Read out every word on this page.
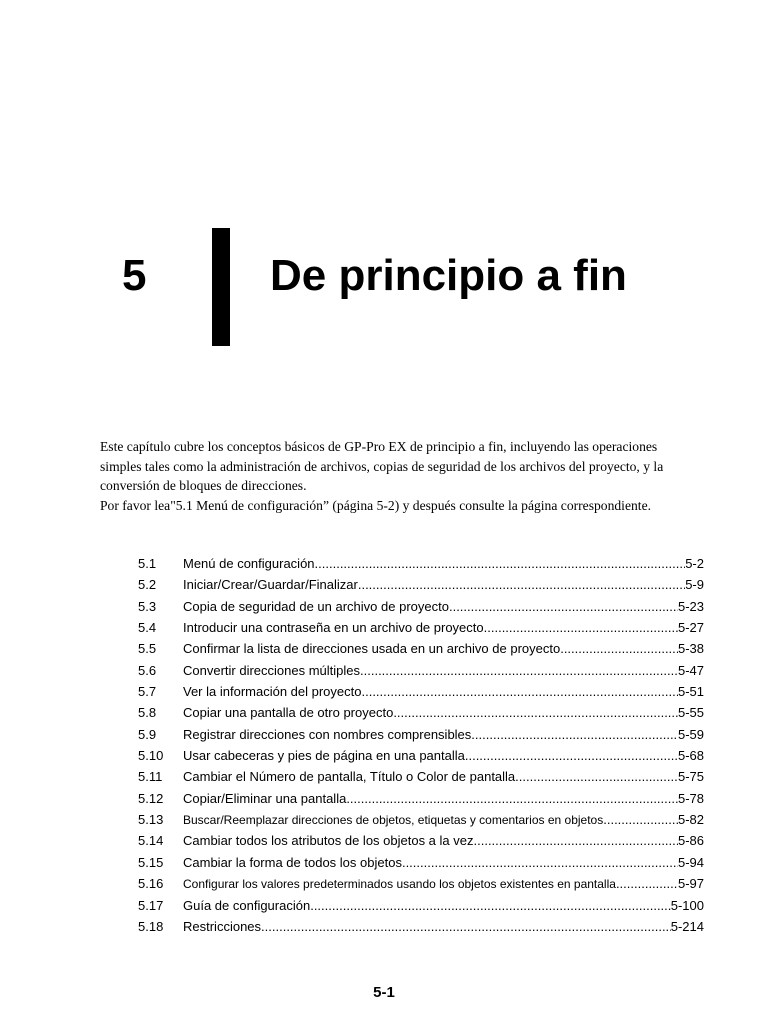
5	De principio a fin

Este capítulo cubre los conceptos básicos de GP-Pro EX de principio a fin, incluyendo las operaciones simples tales como la administración de archivos, copias de seguridad de los archivos del proyecto, y la conversión de bloques de direcciones.

Por favor lea"5.1 Menú de configuración” (página 5-2) y después consulte la página correspondiente.

5.1	Menú de configuración .....	5-2
5.2	Iniciar/Crear/Guardar/Finalizar .....	5-9
5.3	Copia de seguridad de un archivo de proyecto .....	5-23
5.4	Introducir una contraseña en un archivo de proyecto .....	5-27
5.5	Confirmar la lista de direcciones usada en un archivo de proyecto .....	5-38
5.6	Convertir direcciones múltiples .....	5-47
5.7	Ver la información del proyecto .....	5-51
5.8	Copiar una pantalla de otro proyecto .....	5-55
5.9	Registrar direcciones con nombres comprensibles .....	5-59
5.10	Usar cabeceras y pies de página en una pantalla .....	5-68
5.11	Cambiar el Número de pantalla, Título o Color de pantalla .....	5-75
5.12	Copiar/Eliminar una pantalla .....	5-78
5.13	Buscar/Reemplazar direcciones de objetos, etiquetas y comentarios en objetos .....	5-82
5.14	Cambiar todos los atributos de los objetos a la vez .....	5-86
5.15	Cambiar la forma de todos los objetos .....	5-94
5.16	Configurar los valores predeterminados usando los objetos existentes en pantalla .....	5-97
5.17	Guía de configuración .....	5-100
5.18	Restricciones .....	5-214
5-1
